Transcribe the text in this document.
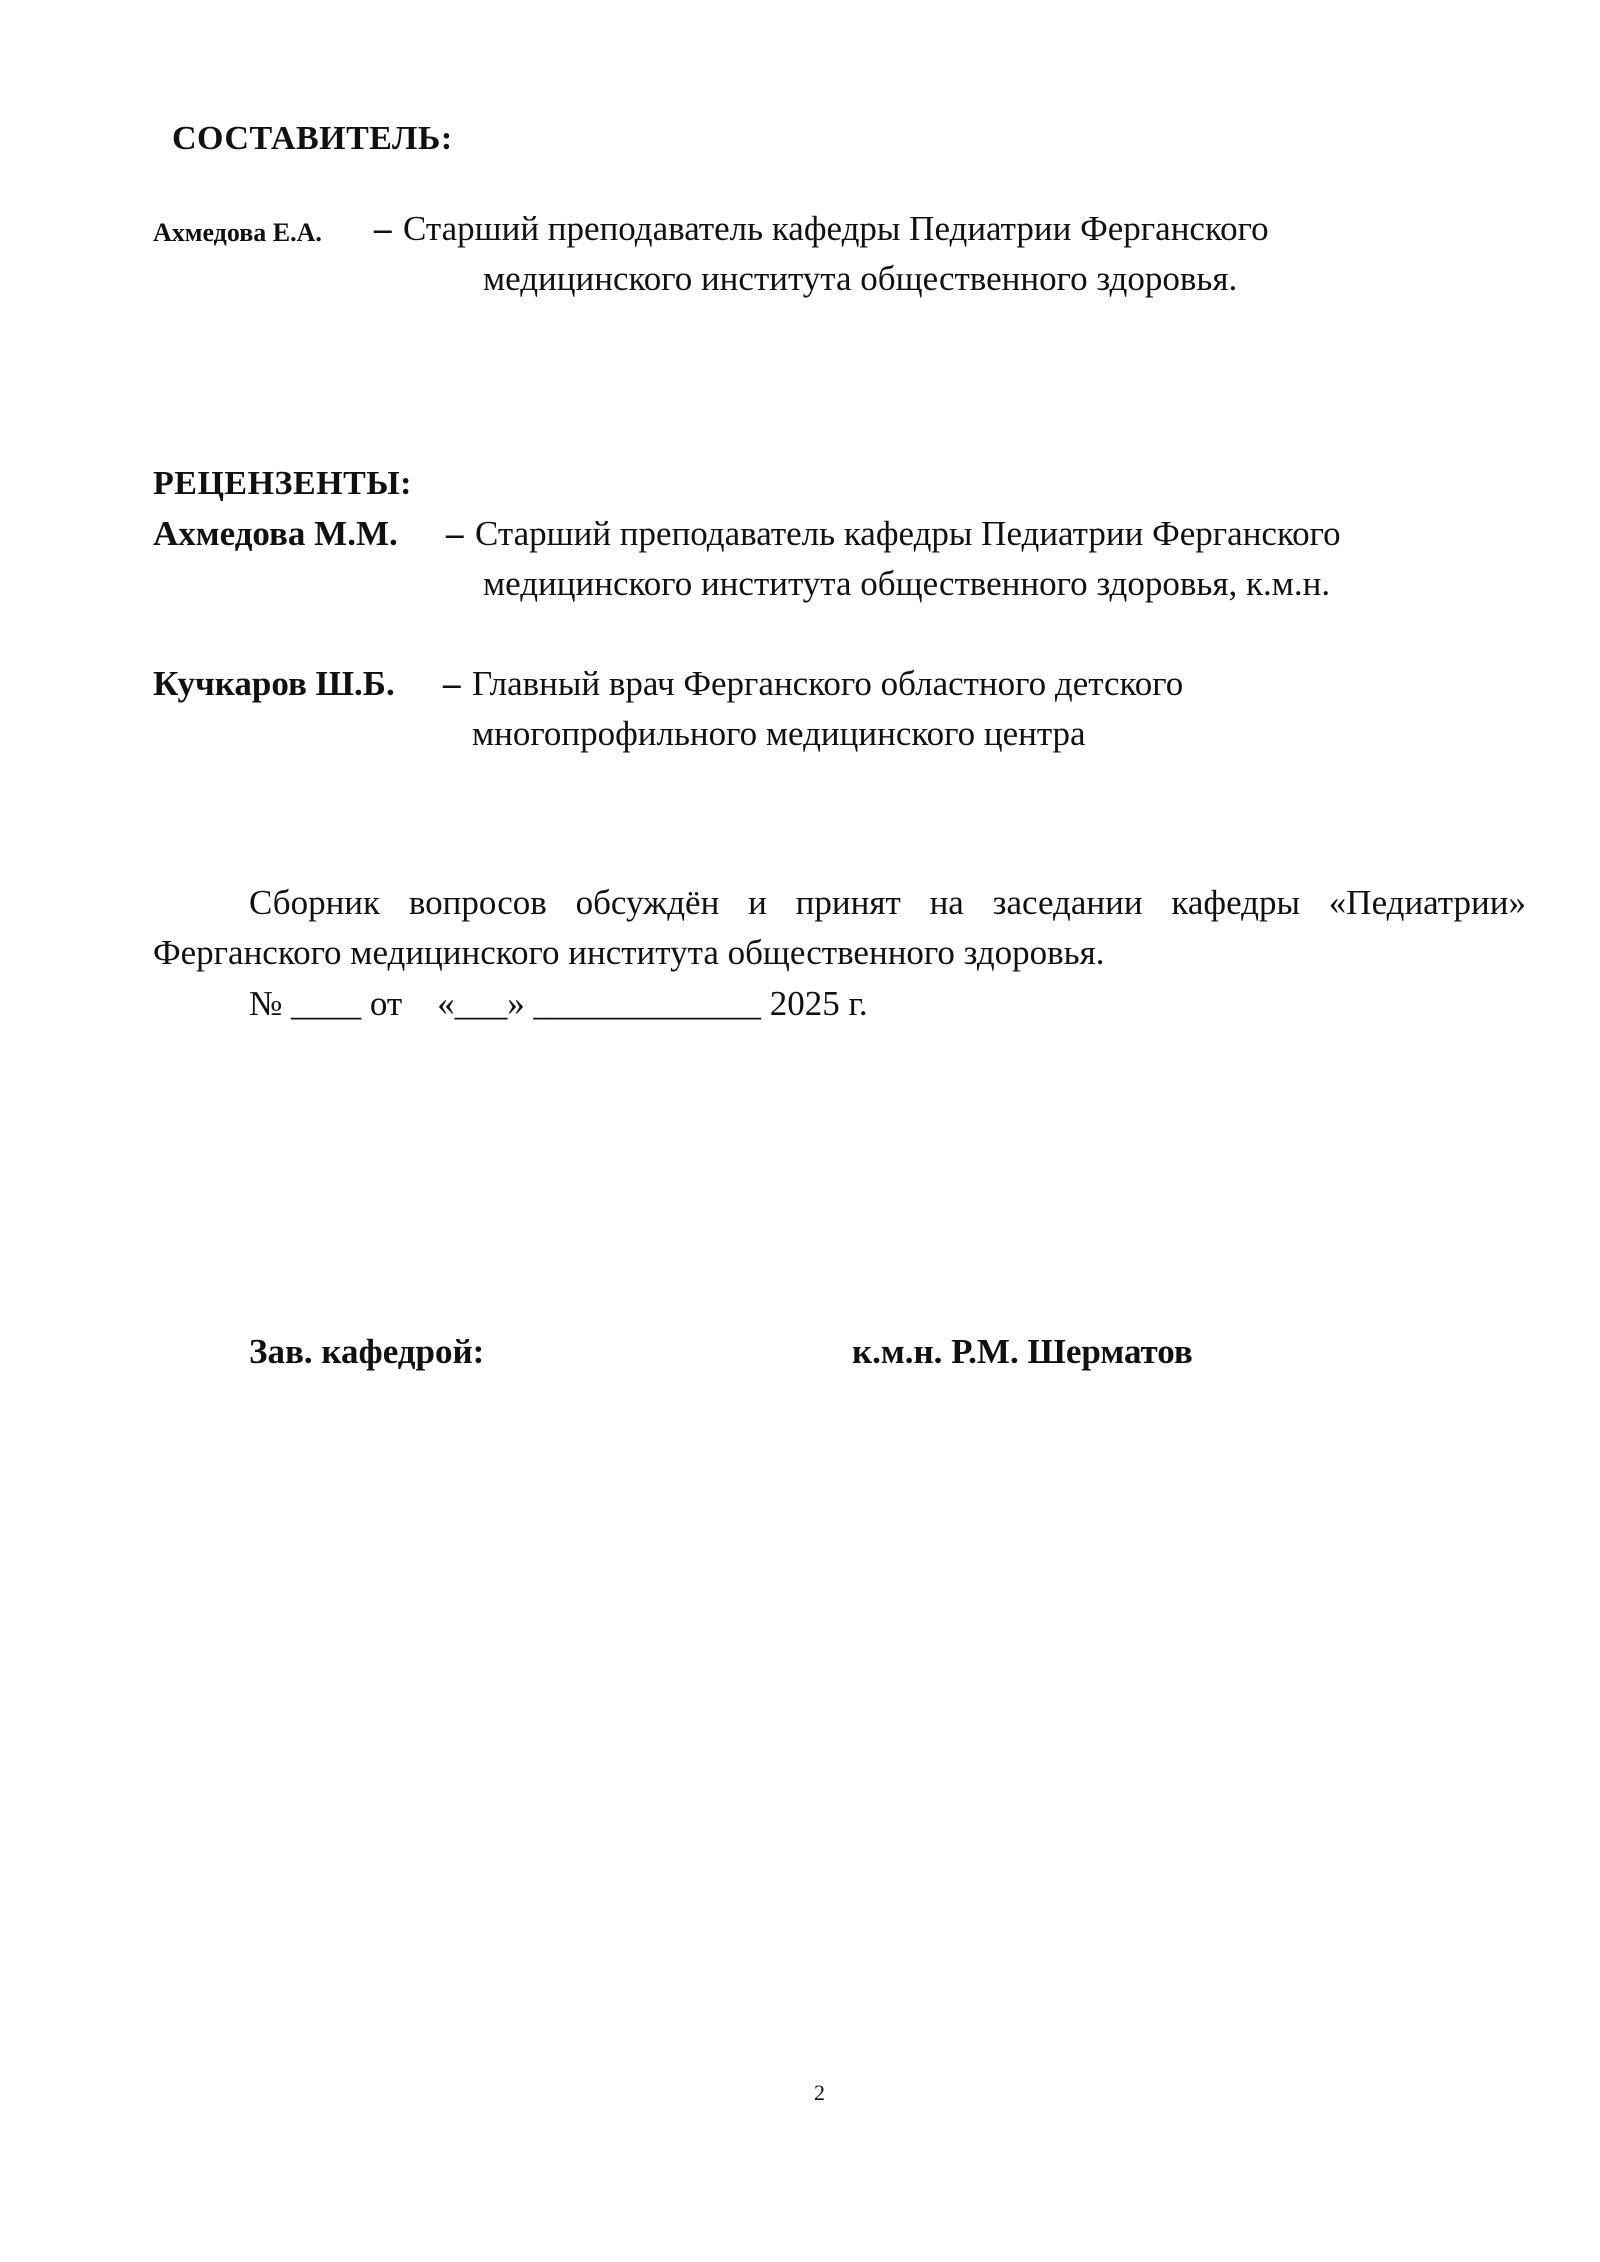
СОСТАВИТЕЛЬ:
Ахмедова Е.А. – Старший преподаватель кафедры Педиатрии Ферганского
медицинского института общественного здоровья.
РЕЦЕНЗЕНТЫ:
Ахмедова М.М. – Старший преподаватель кафедры Педиатрии Ферганского
медицинского института общественного здоровья, к.м.н.
Кучкаров Ш.Б. – Главный врач Ферганского областного детского
многопрофильного медицинского центра
Сборник вопросов обсуждён и принят на заседании кафедры «Педиатрии» Ферганского медицинского института общественного здоровья.
№ ____ от    «___» _____________ 2025 г.
Зав. кафедрой:	к.м.н. Р.М. Шерматов
2
